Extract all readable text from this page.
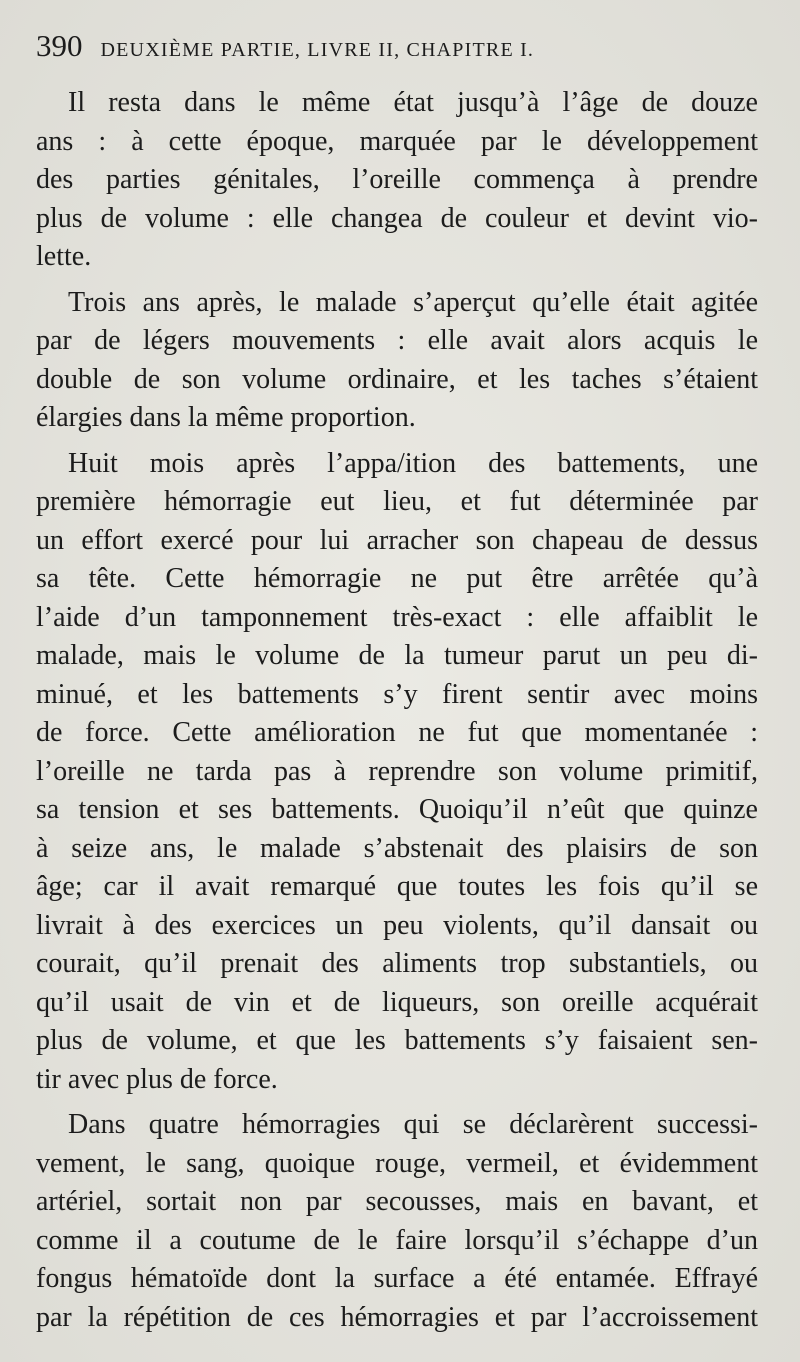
390 DEUXIÈME PARTIE, LIVRE II, CHAPITRE I.
Il resta dans le même état jusqu’à l’âge de douze
ans : à cette époque, marquée par le développement
des parties génitales, l’oreille commença à prendre
plus de volume : elle changea de couleur et devint vio-
lette.
Trois ans après, le malade s’aperçut qu’elle était agitée
par de légers mouvements : elle avait alors acquis le
double de son volume ordinaire, et les taches s’étaient
élargies dans la même proportion.
Huit mois après l’appa/ition des battements, une
première hémorragie eut lieu, et fut déterminée par
un effort exercé pour lui arracher son chapeau de dessus
sa tête. Cette hémorragie ne put être arrêtée qu’à
l’aide d’un tamponnement très-exact : elle affaiblit le
malade, mais le volume de la tumeur parut un peu di-
minué, et les battements s’y firent sentir avec moins
de force. Cette amélioration ne fut que momentanée :
l’oreille ne tarda pas à reprendre son volume primitif,
sa tension et ses battements. Quoiqu’il n’eût que quinze
à seize ans, le malade s’abstenait des plaisirs de son
âge; car il avait remarqué que toutes les fois qu’il se
livrait à des exercices un peu violents, qu’il dansait ou
courait, qu’il prenait des aliments trop substantiels, ou
qu’il usait de vin et de liqueurs, son oreille acquérait
plus de volume, et que les battements s’y faisaient sen-
tir avec plus de force.
Dans quatre hémorragies qui se déclarèrent successi-
vement, le sang, quoique rouge, vermeil, et évidemment
artériel, sortait non par secousses, mais en bavant, et
comme il a coutume de le faire lorsqu’il s’échappe d’un
fongus hématoïde dont la surface a été entamée. Effrayé
par la répétition de ces hémorragies et par l’accroissement
